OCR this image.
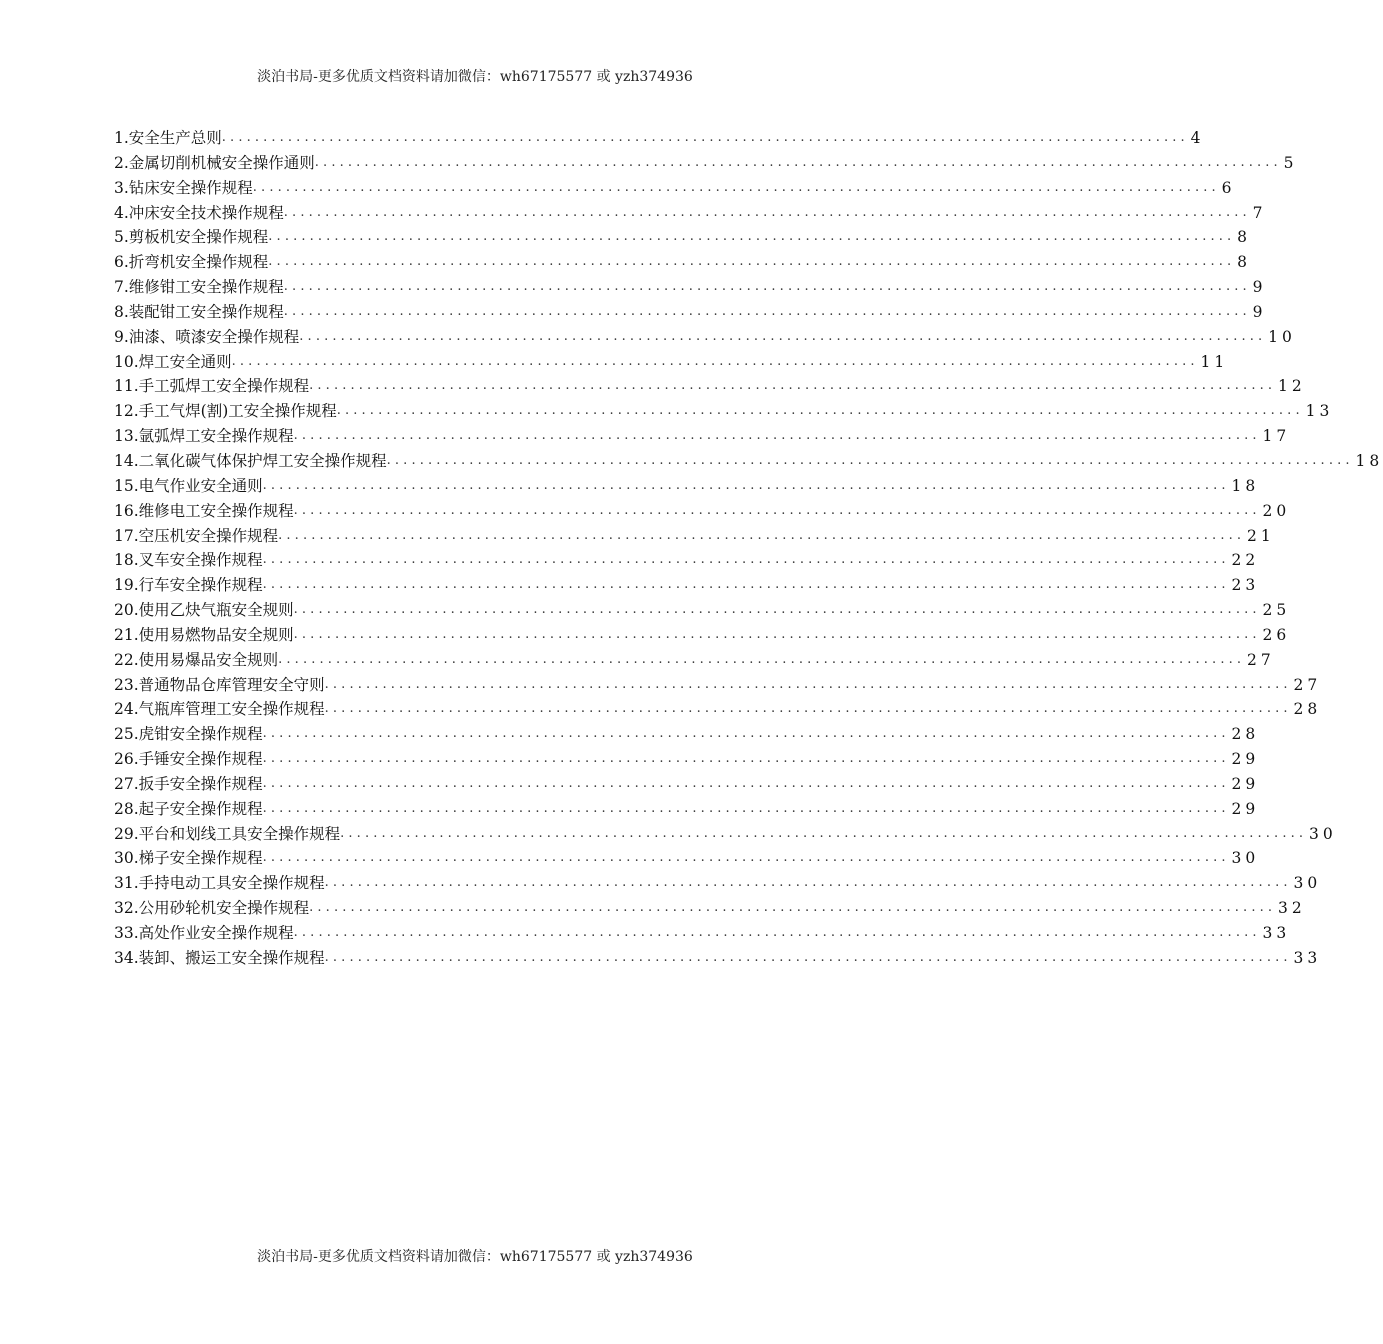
淡泊书局-更多优质文档资料请加微信：wh67175577 或 yzh374936
1.安全生产总则 . . .	4
2.金属切削机械安全操作通则 . . .	5
3.钻床安全操作规程 . . .	6
4.冲床安全技术操作规程 . . .	7
5.剪板机安全操作规程 . . .	8
6.折弯机安全操作规程 . . .	8
7.维修钳工安全操作规程 . . .	9
8.装配钳工安全操作规程 . . .	9
9.油漆、喷漆安全操作规程 . . .	10
10.焊工安全通则 . . .	11
11.手工弧焊工安全操作规程 . . .	12
12.手工气焊(割)工安全操作规程 . . .	13
13.氩弧焊工安全操作规程 . . .	17
14.二氧化碳气体保护焊工安全操作规程 . . .	18
15.电气作业安全通则 . . .	18
16.维修电工安全操作规程 . . .	20
17.空压机安全操作规程 . . .	21
18.叉车安全操作规程 . . .	22
19.行车安全操作规程 . . .	23
20.使用乙炔气瓶安全规则 . . .	25
21.使用易燃物品安全规则 . . .	26
22.使用易爆品安全规则 . . .	27
23.普通物品仓库管理安全守则 . . .	27
24.气瓶库管理工安全操作规程 . . .	28
25.虎钳安全操作规程 . . .	28
26.手锤安全操作规程 . . .	29
27.扳手安全操作规程 . . .	29
28.起子安全操作规程 . . .	29
29.平台和划线工具安全操作规程 . . .	30
30.梯子安全操作规程 . . .	30
31.手持电动工具安全操作规程 . . .	30
32.公用砂轮机安全操作规程 . . .	32
33.高处作业安全操作规程 . . .	33
34.装卸、搬运工安全操作规程 . . .	33
淡泊书局-更多优质文档资料请加微信：wh67175577 或 yzh374936
